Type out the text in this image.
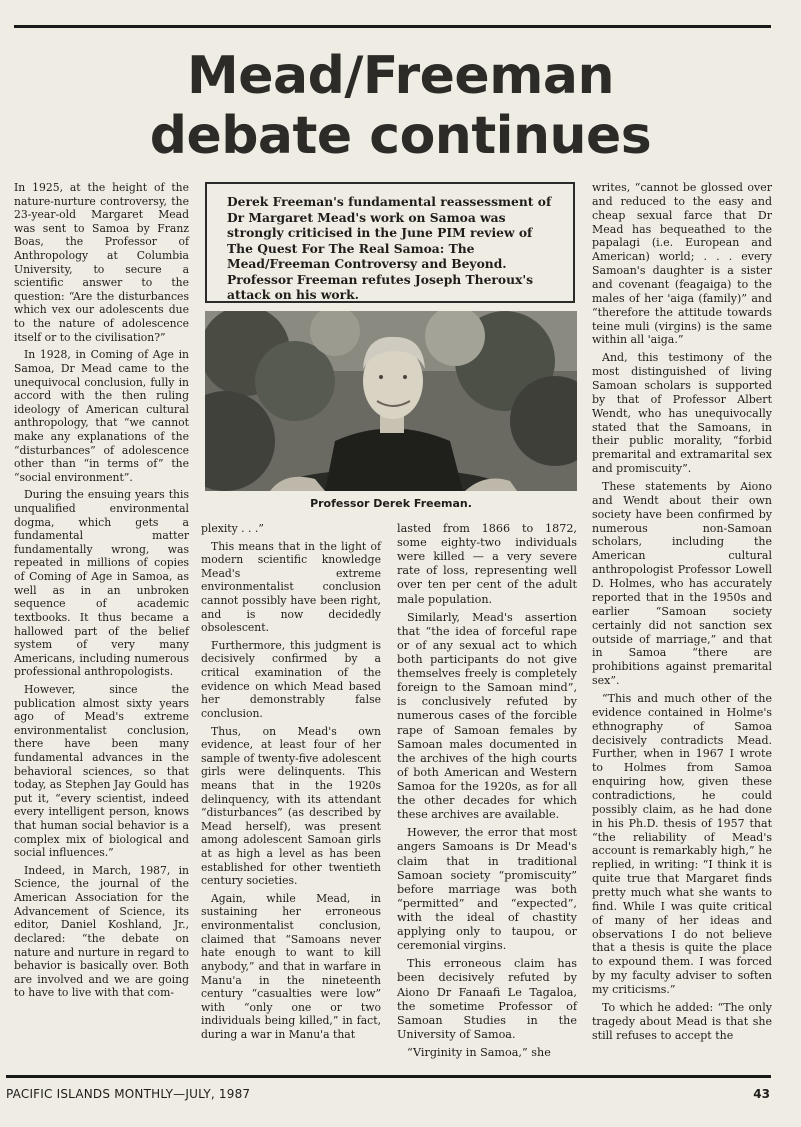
Mead/Freeman
debate continues

In 1925, at the height of the nature-nurture controversy, the 23-year-old Margaret Mead was sent to Samoa by Franz Boas, the Professor of Anthropology at Columbia University, to secure a scientific answer to the question: “Are the disturbances which vex our adolescents due to the nature of adolescence itself or to the civilisation?”

In 1928, in Coming of Age in Samoa, Dr Mead came to the unequivocal conclusion, fully in accord with the then ruling ideology of American cultural anthropology, that “we cannot make any explanations of the “disturbances” of adolescence other than “in terms of” the “social environment”.

During the ensuing years this unqualified environmental dogma, which gets a fundamental matter fundamentally wrong, was repeated in millions of copies of Coming of Age in Samoa, as well as in an unbroken sequence of academic textbooks. It thus became a hallowed part of the belief system of very many Americans, including numerous professional anthropologists.

However, since the publication almost sixty years ago of Mead's extreme environmentalist conclusion, there have been many fundamental advances in the behavioral sciences, so that today, as Stephen Jay Gould has put it, “every scientist, indeed every intelligent person, knows that human social behavior is a complex mix of biological and social influences.”

Indeed, in March, 1987, in Science, the journal of the American Association for the Advancement of Science, its editor, Daniel Koshland, Jr., declared: “the debate on nature and nurture in regard to behavior is basically over. Both are involved and we are going to have to live with that com-

Derek Freeman's fundamental reassessment of Dr Margaret Mead's work on Samoa was strongly criticised in the June PIM review of The Quest For The Real Samoa: The Mead/Freeman Controversy and Beyond. Professor Freeman refutes Joseph Theroux's attack on his work.
Professor Derek Freeman.

plexity . . .”

This means that in the light of modern scientific knowledge Mead's extreme environmentalist conclusion cannot possibly have been right, and is now decidedly obsolescent.

Furthermore, this judgment is decisively confirmed by a critical examination of the evidence on which Mead based her demonstrably false conclusion.

Thus, on Mead's own evidence, at least four of her sample of twenty-five adolescent girls were delinquents. This means that in the 1920s delinquency, with its attendant “disturbances” (as described by Mead herself), was present among adolescent Samoan girls at as high a level as has been established for other twentieth century societies.

Again, while Mead, in sustaining her erroneous environmentalist conclusion, claimed that “Samoans never hate enough to want to kill anybody,” and that in warfare in Manu'a in the nineteenth century “casualties were low” with “only one or two individuals being killed,” in fact, during a war in Manu'a that

lasted from 1866 to 1872, some eighty-two individuals were killed — a very severe rate of loss, representing well over ten per cent of the adult male population.

Similarly, Mead's assertion that “the idea of forceful rape or of any sexual act to which both participants do not give themselves freely is completely foreign to the Samoan mind”, is conclusively refuted by numerous cases of the forcible rape of Samoan females by Samoan males documented in the archives of the high courts of both American and Western Samoa for the 1920s, as for all the other decades for which these archives are available.

However, the error that most angers Samoans is Dr Mead's claim that in traditional Samoan society “promiscuity” before marriage was both “permitted” and “expected”, with the ideal of chastity applying only to taupou, or ceremonial virgins.

This erroneous claim has been decisively refuted by Aiono Dr Fanaafi Le Tagaloa, the sometime Professor of Samoan Studies in the University of Samoa.

“Virginity in Samoa,” she

writes, “cannot be glossed over and reduced to the easy and cheap sexual farce that Dr Mead has bequeathed to the papalagi (i.e. European and American) world; . . . every Samoan's daughter is a sister and covenant (feagaiga) to the males of her 'aiga (family)” and “therefore the attitude towards teine muli (virgins) is the same within all 'aiga.”

And, this testimony of the most distinguished of living Samoan scholars is supported by that of Professor Albert Wendt, who has unequivocally stated that the Samoans, in their public morality, “forbid premarital and extramarital sex and promiscuity”.

These statements by Aiono and Wendt about their own society have been confirmed by numerous non-Samoan scholars, including the American cultural anthropologist Professor Lowell D. Holmes, who has accurately reported that in the 1950s and earlier “Samoan society certainly did not sanction sex outside of marriage,” and that in Samoa “there are prohibitions against premarital sex”.

“This and much other of the evidence contained in Holme's ethnography of Samoa decisively contradicts Mead. Further, when in 1967 I wrote to Holmes from Samoa enquiring how, given these contradictions, he could possibly claim, as he had done in his Ph.D. thesis of 1957 that “the reliability of Mead's account is remarkably high,” he replied, in writing: “I think it is quite true that Margaret finds pretty much what she wants to find. While I was quite critical of many of her ideas and observations I do not believe that a thesis is quite the place to expound them. I was forced by my faculty adviser to soften my criticisms.”

To which he added: “The only tragedy about Mead is that she still refuses to accept the

PACIFIC ISLANDS MONTHLY—JULY, 1987	43
